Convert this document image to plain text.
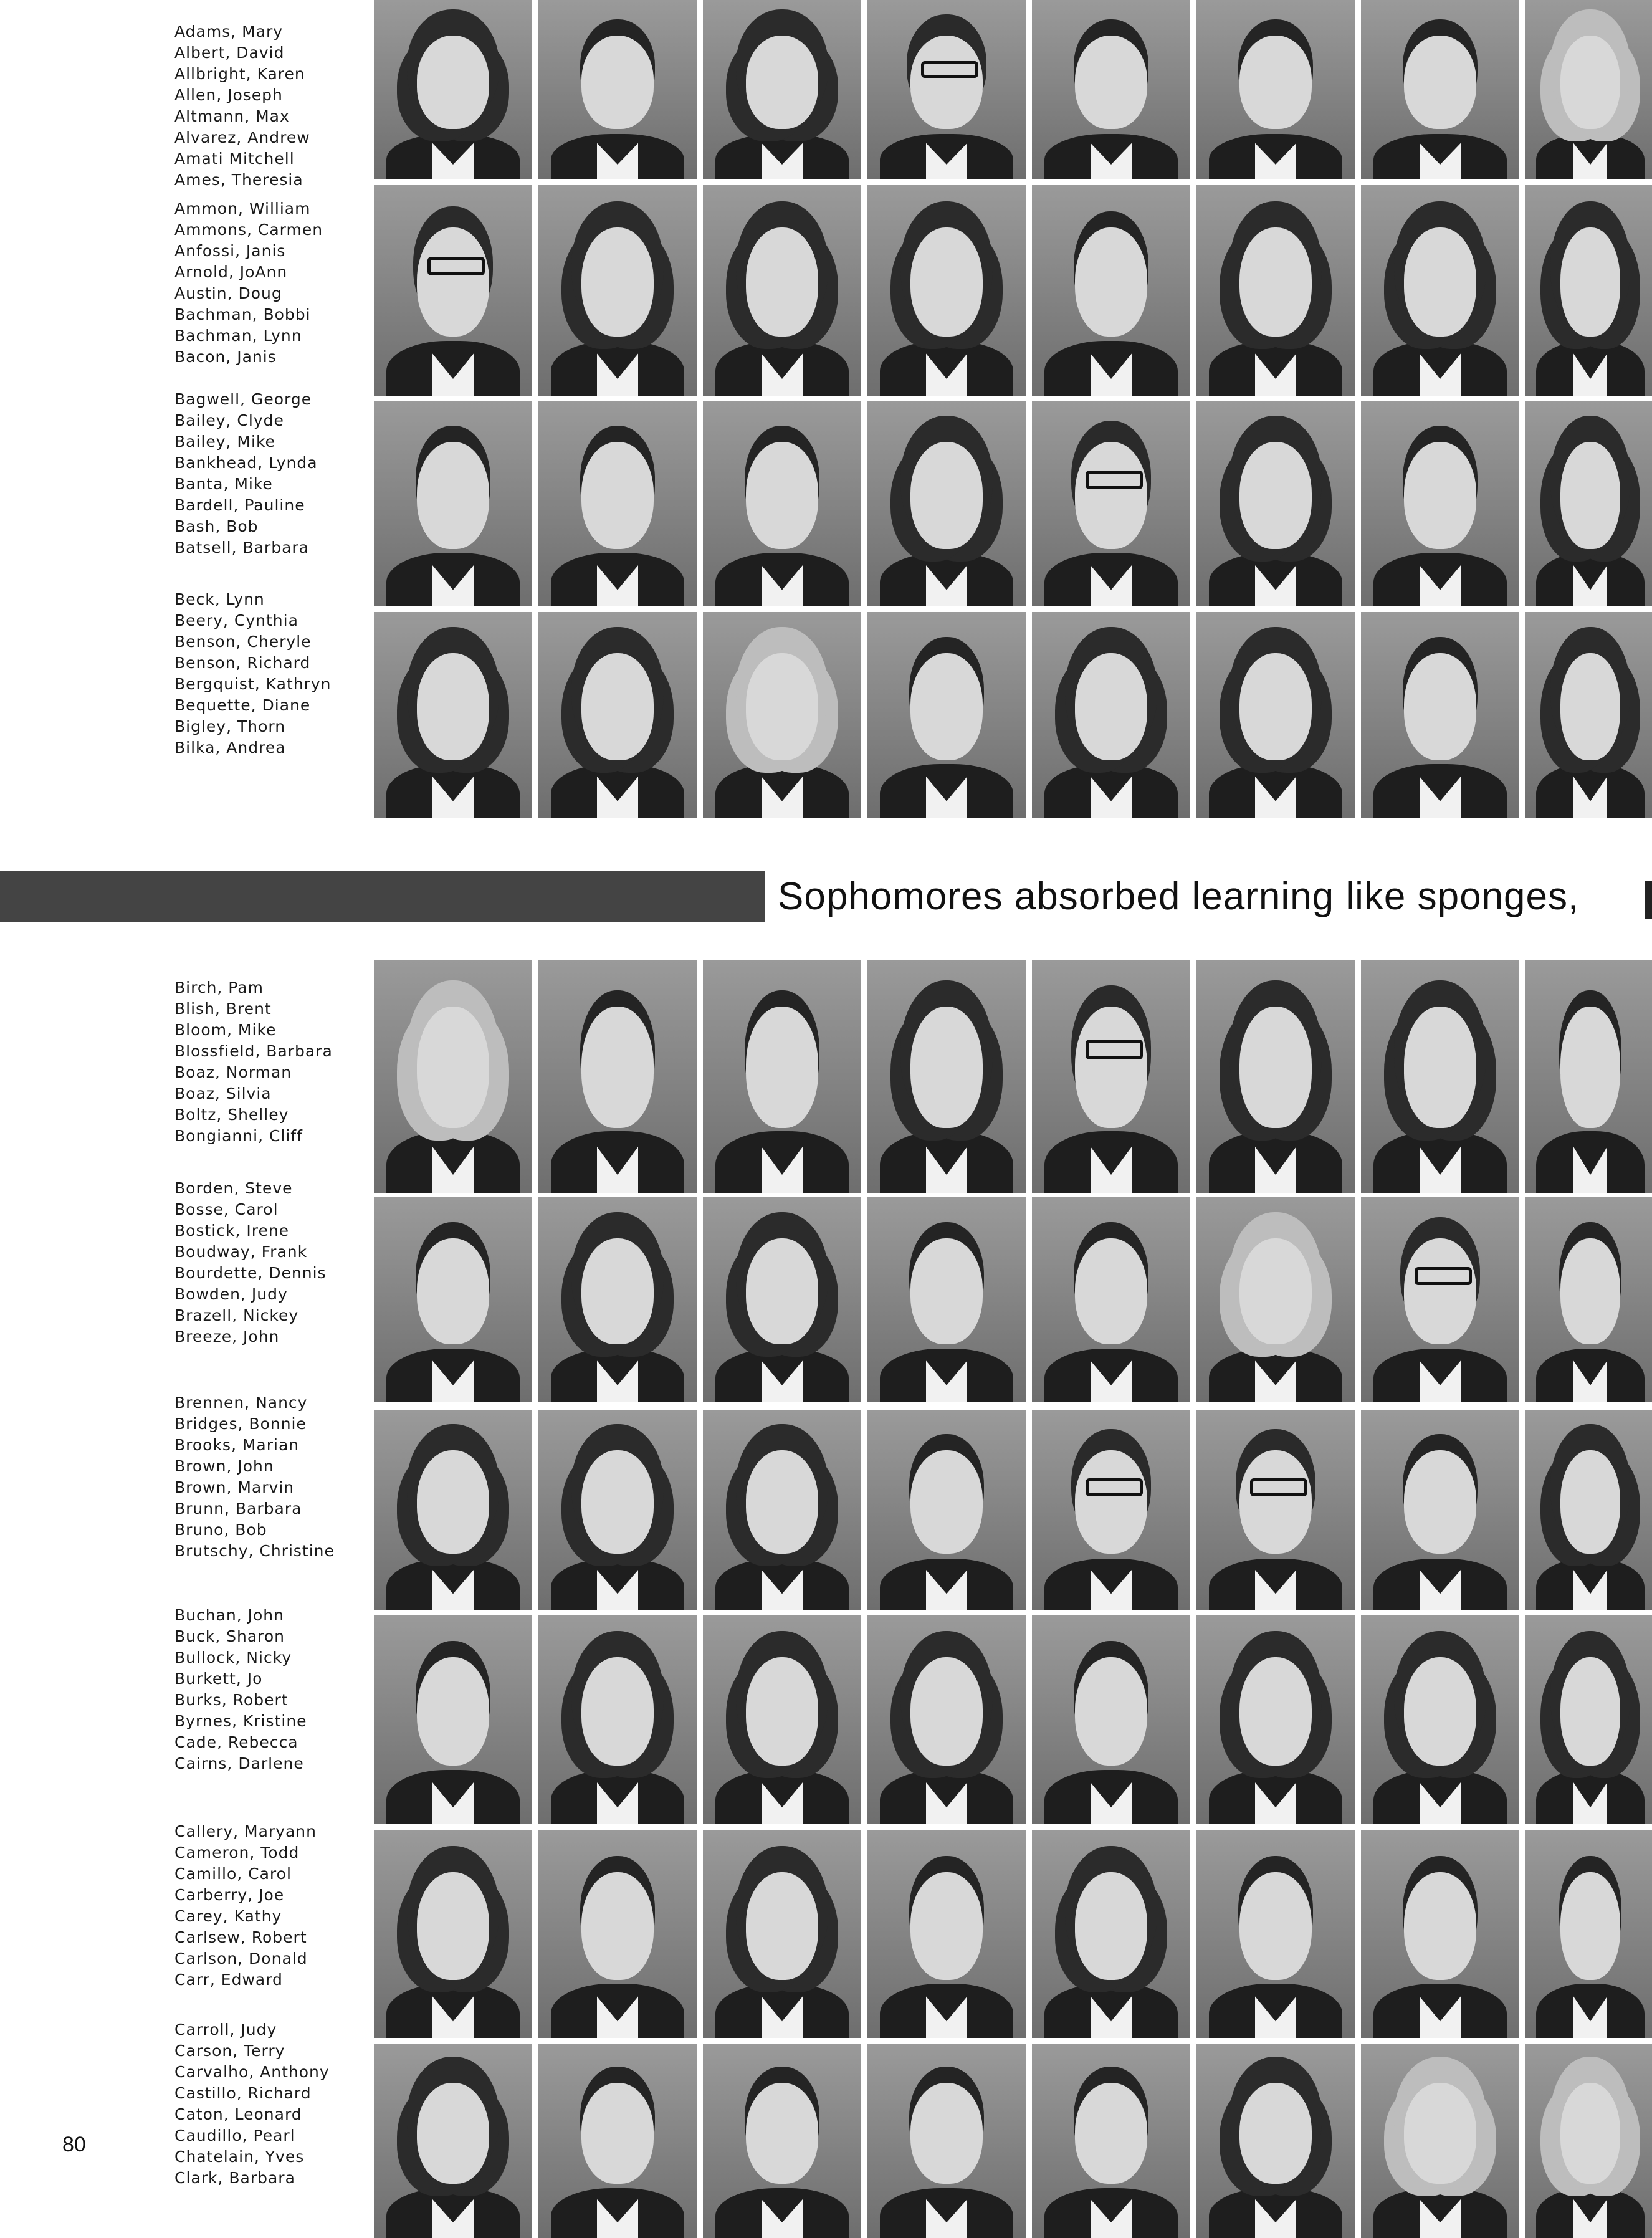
Sophomores absorbed learning like sponges,
80
Adams, Mary
Albert, David
Allbright, Karen
Allen, Joseph
Altmann, Max
Alvarez, Andrew
Amati Mitchell
Ames, Theresia
Ammon, William
Ammons, Carmen
Anfossi, Janis
Arnold, JoAnn
Austin, Doug
Bachman, Bobbi
Bachman, Lynn
Bacon, Janis
Bagwell, George
Bailey, Clyde
Bailey, Mike
Bankhead, Lynda
Banta, Mike
Bardell, Pauline
Bash, Bob
Batsell, Barbara
Beck, Lynn
Beery, Cynthia
Benson, Cheryle
Benson, Richard
Bergquist, Kathryn
Bequette, Diane
Bigley, Thorn
Bilka, Andrea
Birch, Pam
Blish, Brent
Bloom, Mike
Blossfield, Barbara
Boaz, Norman
Boaz, Silvia
Boltz, Shelley
Bongianni, Cliff
Borden, Steve
Bosse, Carol
Bostick, Irene
Boudway, Frank
Bourdette, Dennis
Bowden, Judy
Brazell, Nickey
Breeze, John
Brennen, Nancy
Bridges, Bonnie
Brooks, Marian
Brown, John
Brown, Marvin
Brunn, Barbara
Bruno, Bob
Brutschy, Christine
Buchan, John
Buck, Sharon
Bullock, Nicky
Burkett, Jo
Burks, Robert
Byrnes, Kristine
Cade, Rebecca
Cairns, Darlene
Callery, Maryann
Cameron, Todd
Camillo, Carol
Carberry, Joe
Carey, Kathy
Carlsew, Robert
Carlson, Donald
Carr, Edward
Carroll, Judy
Carson, Terry
Carvalho, Anthony
Castillo, Richard
Caton, Leonard
Caudillo, Pearl
Chatelain, Yves
Clark, Barbara
